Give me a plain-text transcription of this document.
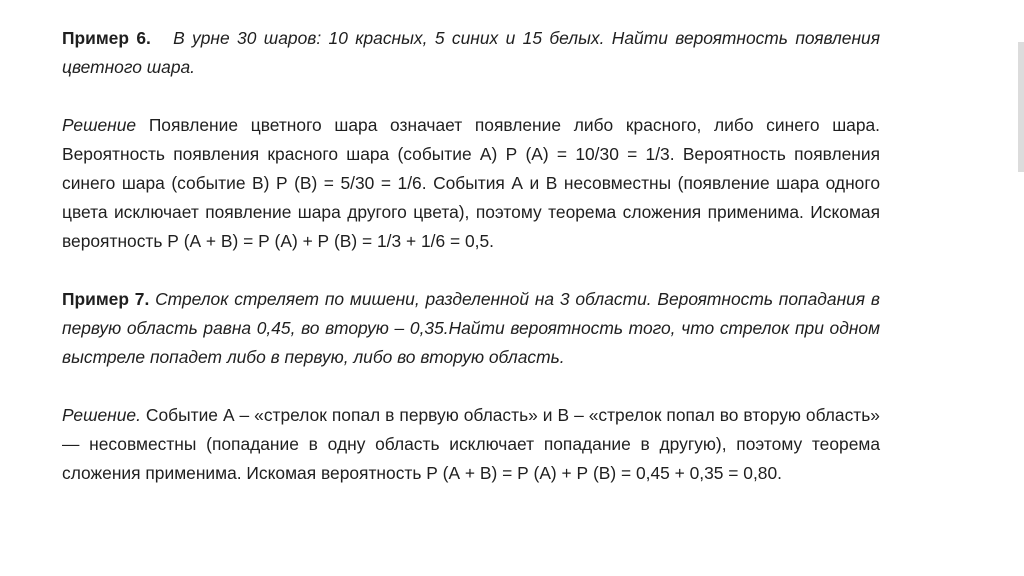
Пример 6. В урне 30 шаров: 10 красных, 5 синих и 15 белых. Найти вероятность появления цветного шара.

Решение Появление цветного шара означает появление либо красного, либо синего шара. Вероятность появления красного шара (событие А) Р (А) = 10/30 = 1/3. Вероятность появления синего шара (событие В) Р (В) = 5/30 = 1/6. События А и В несовместны (появление шара одного цвета исключает появление шара другого цвета), поэтому теорема сложения применима. Искомая вероятность Р (А + В) = Р (А) + Р (В) = 1/3 + 1/6 = 0,5.

Пример 7. Стрелок стреляет по мишени, разделенной на 3 области. Вероятность попадания в первую область равна 0,45, во вторую – 0,35.Найти вероятность того, что стрелок при одном выстреле попадет либо в первую, либо во вторую область.

Решение. Событие А – «стрелок попал в первую область» и В – «стрелок попал во вторую область» — несовместны (попадание в одну область исключает попадание в другую), поэтому теорема сложения применима. Искомая вероятность Р (А + В) = Р (А) + Р (В) = 0,45 + 0,35 = 0,80.
